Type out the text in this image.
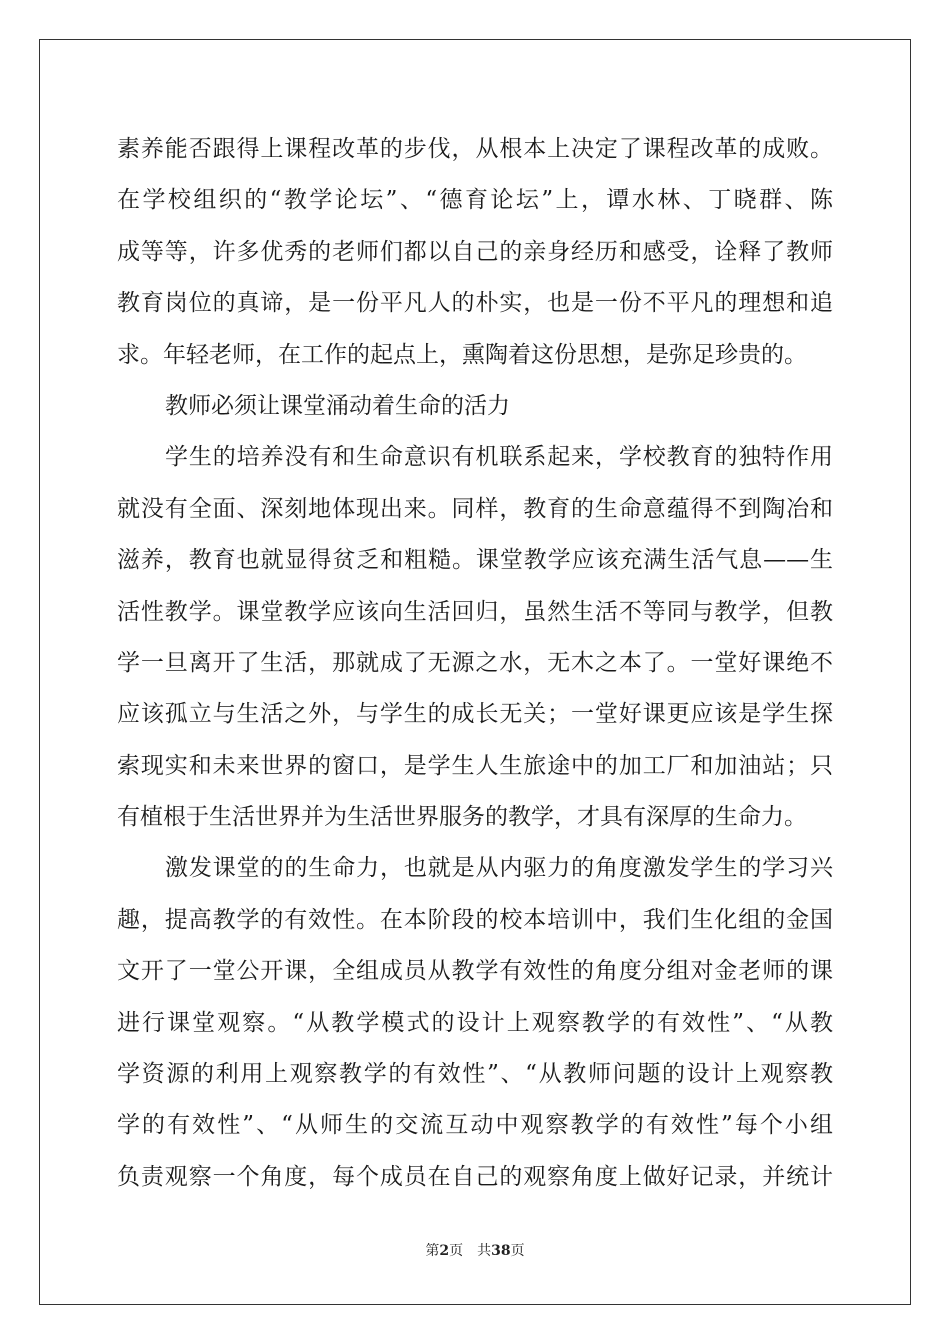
素养能否跟得上课程改革的步伐，从根本上决定了课程改革的成败。
在学校组织的“教学论坛”、“德育论坛”上，谭水林、丁晓群、陈
成等等，许多优秀的老师们都以自己的亲身经历和感受，诠释了教师
教育岗位的真谛，是一份平凡人的朴实，也是一份不平凡的理想和追
求。年轻老师，在工作的起点上，熏陶着这份思想，是弥足珍贵的。
教师必须让课堂涌动着生命的活力
学生的培养没有和生命意识有机联系起来，学校教育的独特作用
就没有全面、深刻地体现出来。同样，教育的生命意蕴得不到陶冶和
滋养，教育也就显得贫乏和粗糙。课堂教学应该充满生活气息——生
活性教学。课堂教学应该向生活回归，虽然生活不等同与教学，但教
学一旦离开了生活，那就成了无源之水，无木之本了。一堂好课绝不
应该孤立与生活之外，与学生的成长无关；一堂好课更应该是学生探
索现实和未来世界的窗口，是学生人生旅途中的加工厂和加油站；只
有植根于生活世界并为生活世界服务的教学，才具有深厚的生命力。
激发课堂的的生命力，也就是从内驱力的角度激发学生的学习兴
趣，提高教学的有效性。在本阶段的校本培训中，我们生化组的金国
文开了一堂公开课，全组成员从教学有效性的角度分组对金老师的课
进行课堂观察。“从教学模式的设计上观察教学的有效性”、“从教
学资源的利用上观察教学的有效性”、“从教师问题的设计上观察教
学的有效性”、“从师生的交流互动中观察教学的有效性”每个小组
负责观察一个角度，每个成员在自己的观察角度上做好记录，并统计
第2页　共38页
